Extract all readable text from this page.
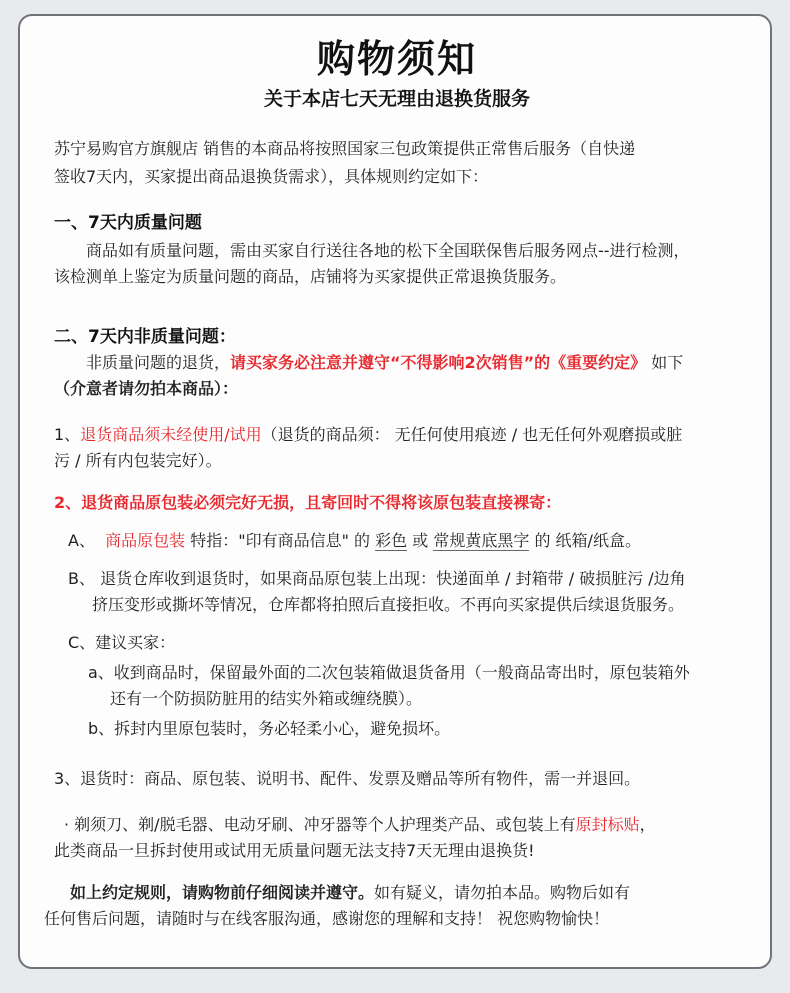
购物须知
关于本店七天无理由退换货服务
苏宁易购官方旗舰店 销售的本商品将按照国家三包政策提供正常售后服务（自快递
签收7天内，买家提出商品退换货需求），具体规则约定如下：
一、7天内质量问题
商品如有质量问题，需由买家自行送往各地的松下全国联保售后服务网点--进行检测，
该检测单上鉴定为质量问题的商品，店铺将为买家提供正常退换货服务。
二、7天内非质量问题：
非质量问题的退货，请买家务必注意并遵守“不得影响2次销售”的《重要约定》 如下
（介意者请勿拍本商品）：
1、退货商品须未经使用/试用（退货的商品须： 无任何使用痕迹 / 也无任何外观磨损或脏
污 / 所有内包装完好）。
2、退货商品原包装必须完好无损，且寄回时不得将该原包装直接裸寄：
A、 商品原包装 特指："印有商品信息" 的 彩色 或 常规黄底黑字 的 纸箱/纸盒。
B、 退货仓库收到退货时，如果商品原包装上出现：快递面单 / 封箱带 / 破损脏污 /边角
挤压变形或撕坏等情况，仓库都将拍照后直接拒收。不再向买家提供后续退货服务。
C、建议买家：
a、收到商品时，保留最外面的二次包装箱做退货备用（一般商品寄出时，原包装箱外
还有一个防损防脏用的结实外箱或缠绕膜）。
b、拆封内里原包装时，务必轻柔小心，避免损坏。
3、退货时：商品、原包装、说明书、配件、发票及赠品等所有物件，需一并退回。
· 剃须刀、剃/脱毛器、电动牙刷、冲牙器等个人护理类产品、或包装上有原封标贴，
此类商品一旦拆封使用或试用无质量问题无法支持7天无理由退换货!
如上约定规则，请购物前仔细阅读并遵守。如有疑义，请勿拍本品。购物后如有
任何售后问题，请随时与在线客服沟通，感谢您的理解和支持！ 祝您购物愉快！
